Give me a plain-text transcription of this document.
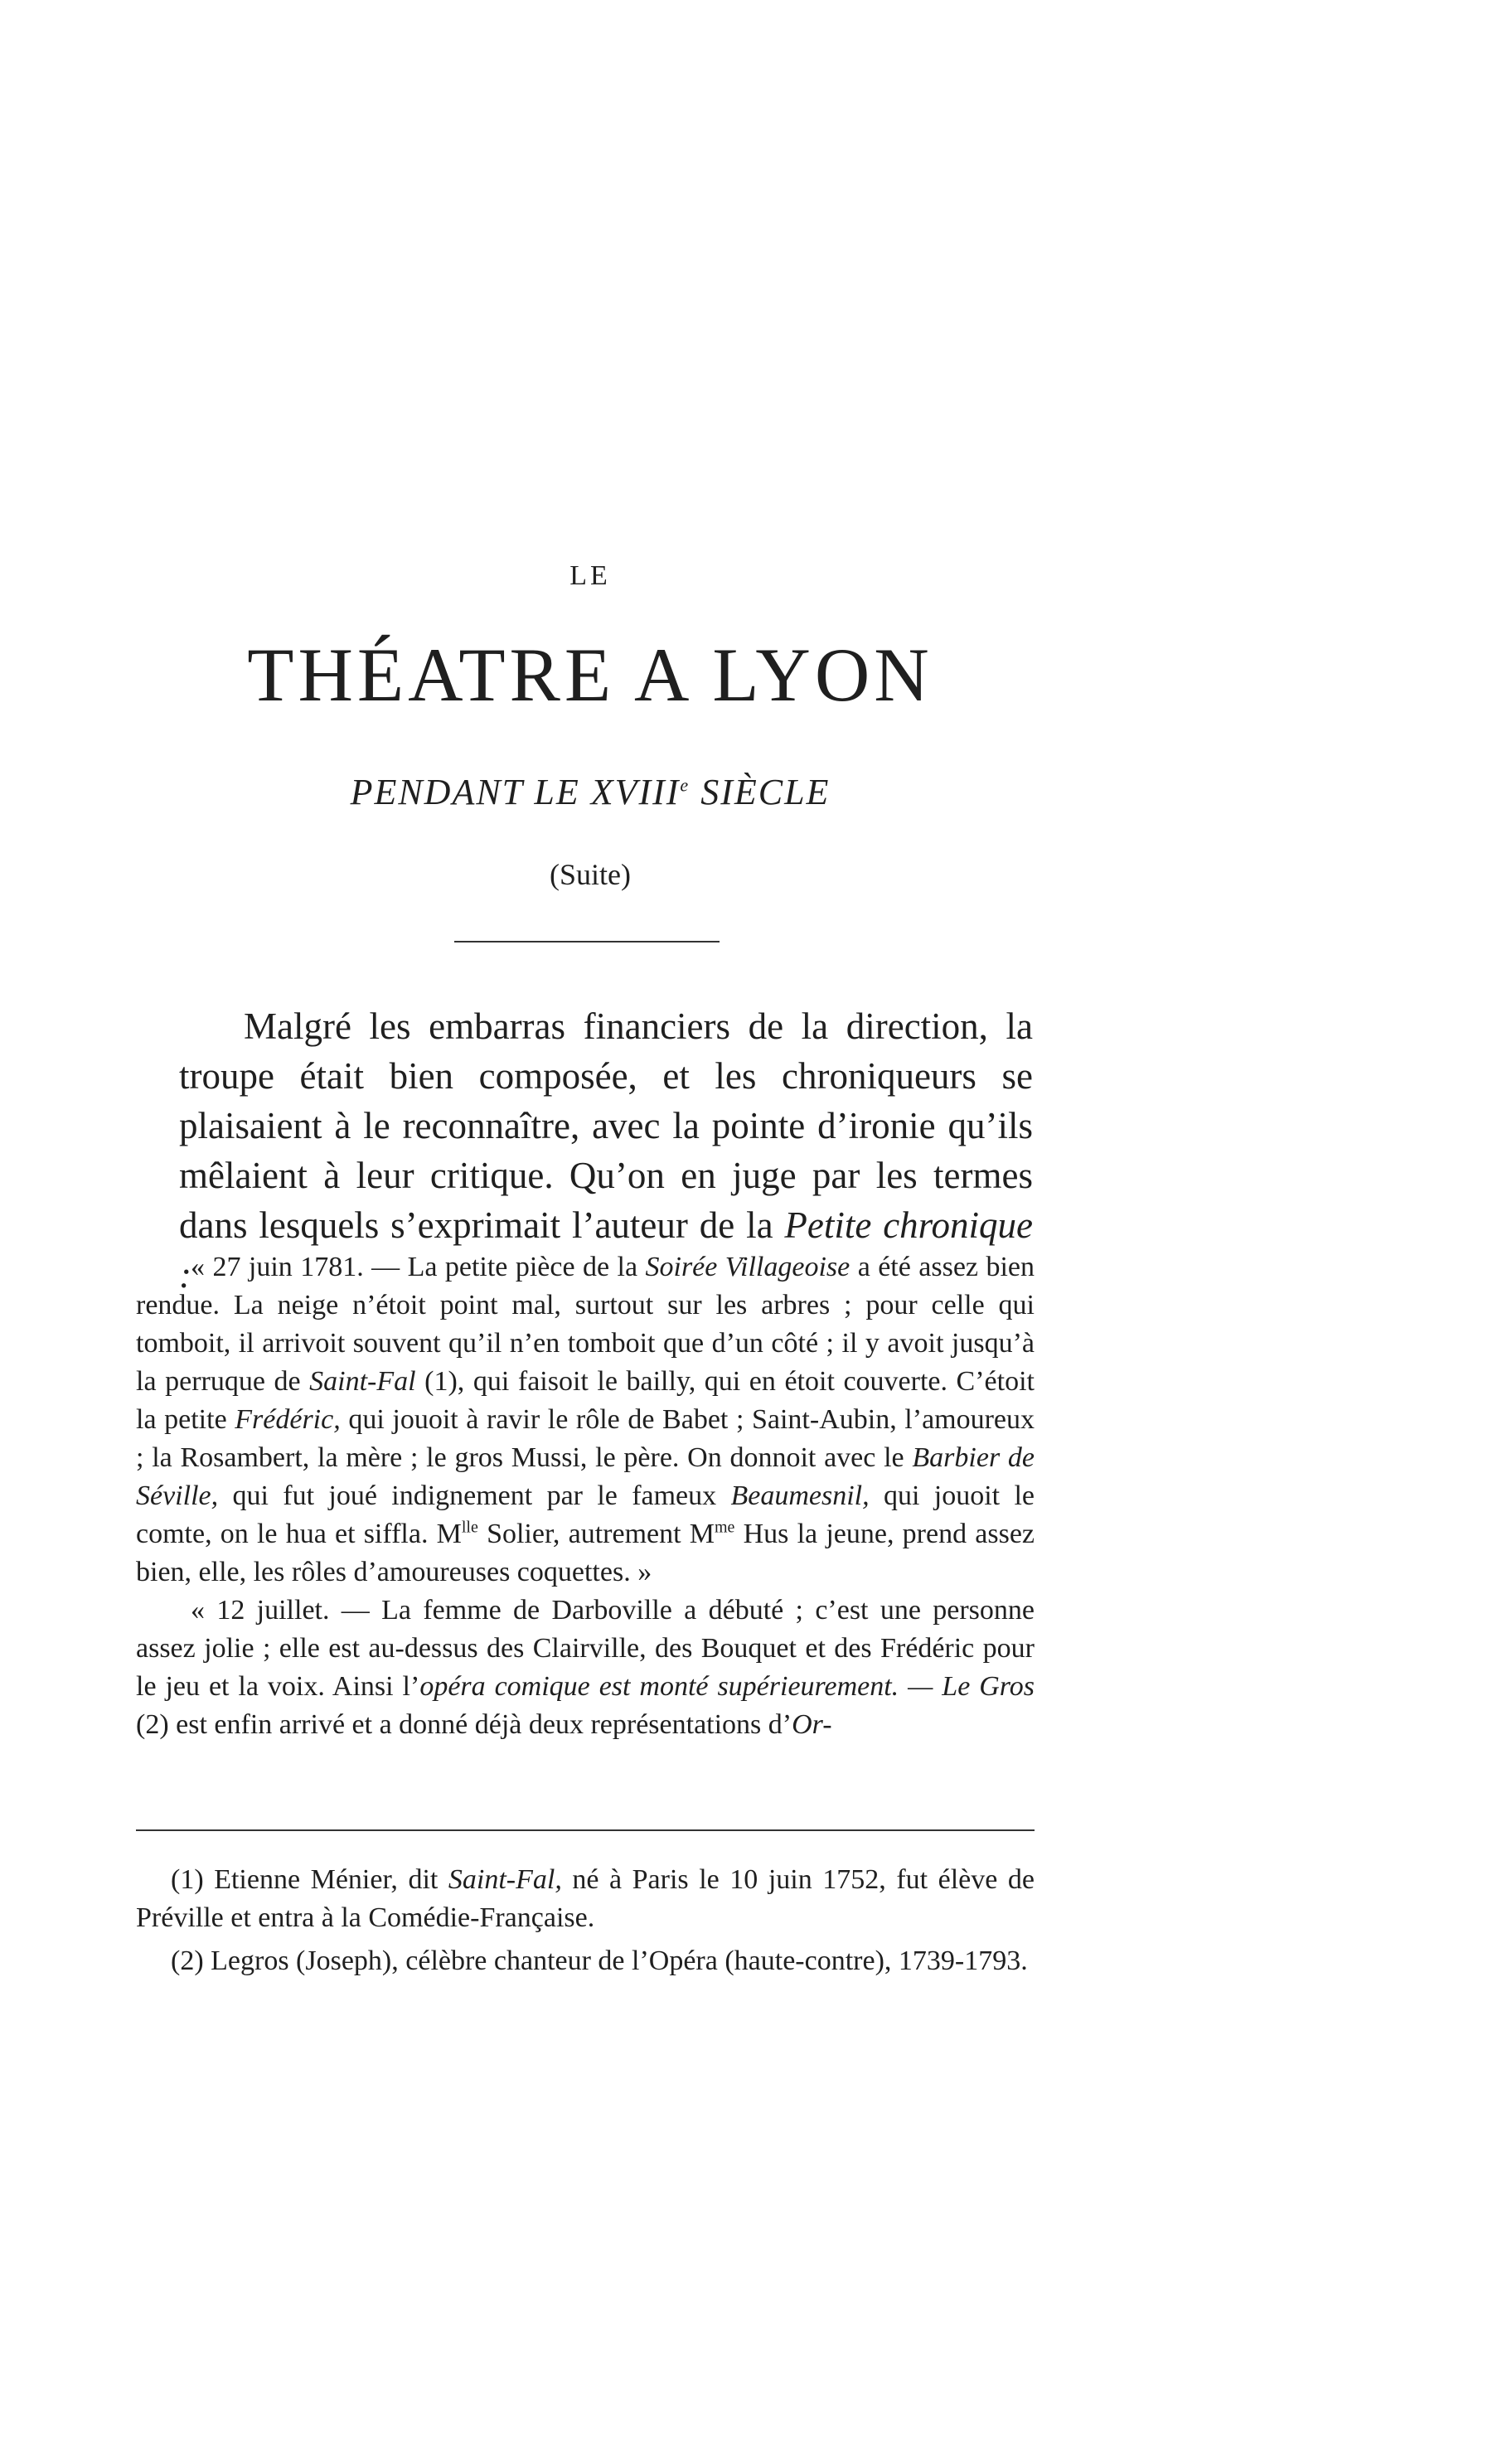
LE
THÉATRE A LYON
PENDANT LE XVIIIe SIÈCLE
(Suite)

Malgré les embarras financiers de la direction, la troupe était bien composée, et les chroniqueurs se plaisaient à le reconnaître, avec la pointe d’ironie qu’ils mêlaient à leur critique. Qu’on en juge par les termes dans lesquels s’exprimait l’auteur de la Petite chronique : « 27 juin 1781. — La petite pièce de la Soirée Villageoise a été assez bien rendue. La neige n’étoit point mal, surtout sur les arbres ; pour celle qui tomboit, il arrivoit souvent qu’il n’en tomboit que d’un côté ; il y avoit jusqu’à la perruque de Saint-Fal (1), qui faisoit le bailly, qui en étoit couverte. C’étoit la petite Frédéric, qui jouoit à ravir le rôle de Babet ; Saint-Aubin, l’amoureux ; la Rosambert, la mère ; le gros Mussi, le père. On donnoit avec le Barbier de Séville, qui fut joué indignement par le fameux Beaumesnil, qui jouoit le comte, on le hua et siffla. $M^{lle}$ Solier, autrement $M^{me}$ Hus la jeune, prend assez bien, elle, les rôles d’amoureuses coquettes. »

« 12 juillet. — La femme de Darboville a débuté ; c’est une personne assez jolie ; elle est au-dessus des Clairville, des Bouquet et des Frédéric pour le jeu et la voix. Ainsi l’opéra comique est monté supérieurement. — Le Gros (2) est enfin arrivé et a donné déjà deux représentations d’Or-

(1) Etienne Ménier, dit Saint-Fal, né à Paris le 10 juin 1752, fut élève de Préville et entra à la Comédie-Française.

(2) Legros (Joseph), célèbre chanteur de l’Opéra (haute-contre), 1739-1793.
